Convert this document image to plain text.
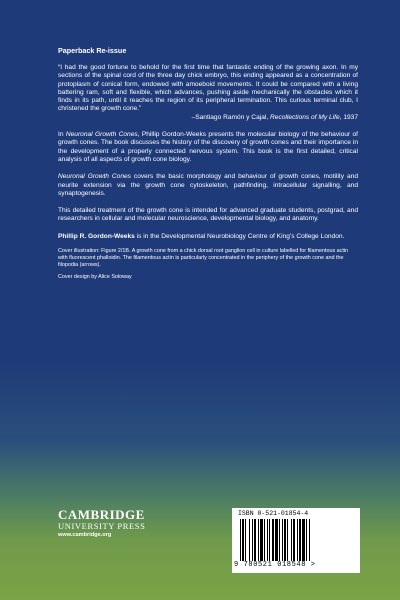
Paperback Re-issue

“I had the good fortune to behold for the first time that fantastic ending of the growing axon. In my sections of the spinal cord of the three day chick embryo, this ending appeared as a concentration of protoplasm of conical form, endowed with amoeboid movements. It could be compared with a living battering ram, soft and flexible, which advances, pushing aside mechanically the obstacles which it finds in its path, until it reaches the region of its peripheral termination. This curious terminal club, I christened the growth cone.”

–Santiago Ramón y Cajal, Recollections of My Life, 1937

In Neuronal Growth Cones, Phillip Gordon-Weeks presents the molecular biology of the behaviour of growth cones. The book discusses the history of the discovery of growth cones and their importance in the development of a properly connected nervous system. This book is the first detailed, critical analysis of all aspects of growth cone biology.

Neuronal Growth Cones covers the basic morphology and behaviour of growth cones, motility and neurite extension via the growth cone cytoskeleton, pathfinding, intracellular signalling, and synaptogenesis.

This detailed treatment of the growth cone is intended for advanced graduate students, postgrad, and researchers in cellular and molecular neuroscience, developmental biology, and anatomy.

Phillip R. Gordon-Weeks is in the Developmental Neurobiology Centre of King’s College London.

Cover illustration: Figure 2/1B. A growth cone from a chick dorsal root ganglion cell in culture labelled for filamentous actin with fluorescent phalloidin. The filamentous actin is particularly concentrated in the periphery of the growth cone and the filopodia (arrows).

Cover design by Alice Soloway

CAMBRIDGE
UNIVERSITY PRESS
www.cambridge.org
ISBN 0-521-01854-4
9 780521 018548 >
